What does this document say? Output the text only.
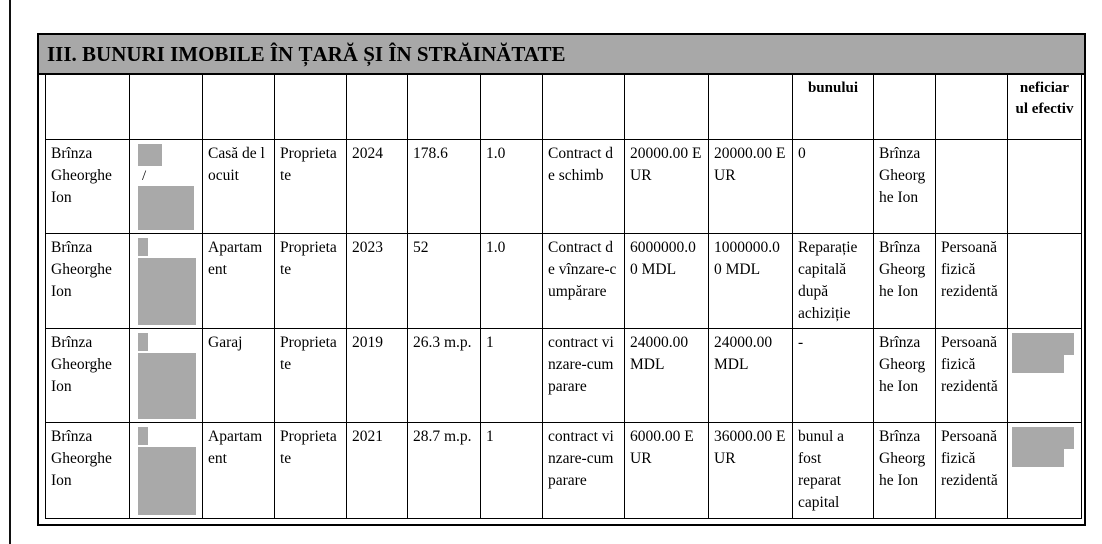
III. BUNURI IMOBILE ÎN ȚARĂ ȘI ÎN STRĂINĂTATE
										bunului			neficiar ul efectiv
Brînza Gheorghe Ion	/	Casă de locuit	Proprietate	2024	178.6	1.0	Contract de schimb	20000.00 EUR	20000.00 EUR	0	Brînza Gheorghe Ion		
Brînza Gheorghe Ion		Apartament	Proprietate	2023	52	1.0	Contract de vînzare-cumpărare	6000000.00 MDL	1000000.00 MDL	Reparație capitală după achiziție	Brînza Gheorghe Ion	Persoană fizică rezidentă	
Brînza Gheorghe Ion		Garaj	Proprietate	2019	26.3 m.p.	1	contract vinzare-cumparare	24000.00 MDL	24000.00 MDL	-	Brînza Gheorghe Ion	Persoană fizică rezidentă	

Brînza Gheorghe Ion		Apartament	Proprietate	2021	28.7 m.p.	1	contract vinzare-cumparare	6000.00 EUR	36000.00 EUR	bunul a fost reparat capital	Brînza Gheorghe Ion	Persoană fizică rezidentă	
